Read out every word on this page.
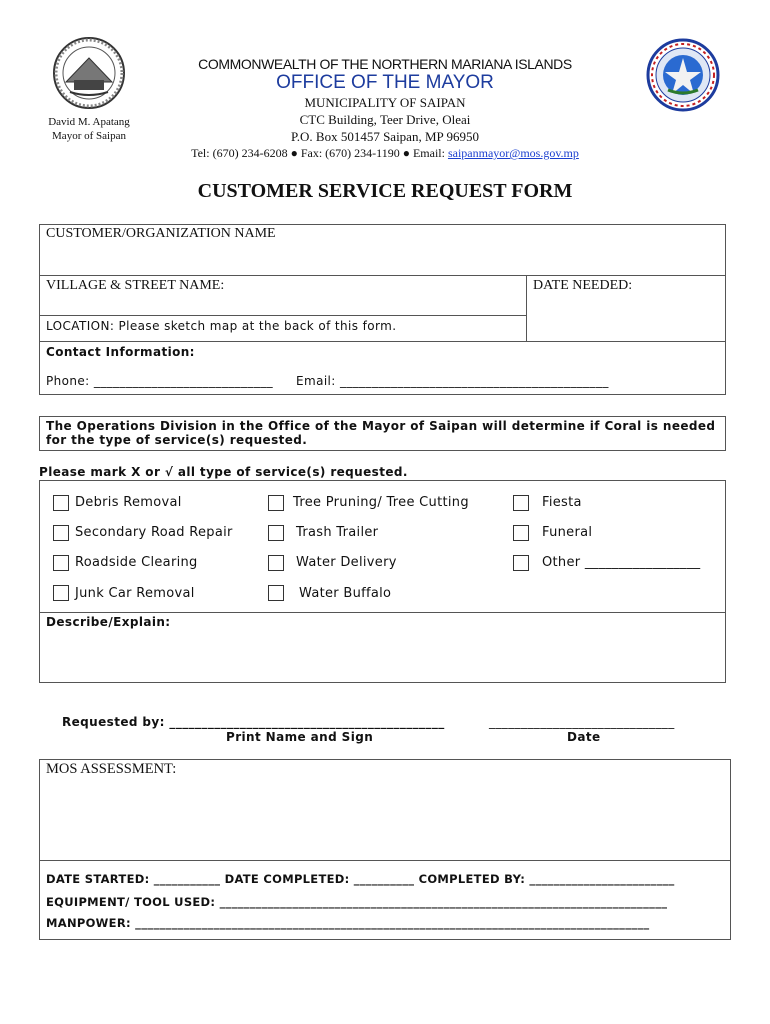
David M. Apatang
Mayor of Saipan
COMMONWEALTH OF THE NORTHERN MARIANA ISLANDS
OFFICE OF THE MAYOR
MUNICIPALITY OF SAIPAN
CTC Building, Teer Drive, Oleai
P.O. Box 501457 Saipan, MP 96950
Tel: (670) 234-6208 ● Fax: (670) 234-1190 ● Email: saipanmayor@mos.gov.mp
CUSTOMER SERVICE REQUEST FORM
CUSTOMER/ORGANIZATION NAME
VILLAGE & STREET NAME:	DATE NEEDED:
LOCATION: Please sketch map at the back of this form.
Contact Information:
Phone: ____________________________ Email: __________________________________________
The Operations Division in the Office of the Mayor of Saipan will determine if Coral is needed for the type of service(s) requested.
Please mark X or √ all type of service(s) requested.
Debris Removal
Secondary Road Repair
Roadside Clearing
Junk Car Removal
Tree Pruning/ Tree Cutting
Trash Trailer
Water Delivery
Water Buffalo
Fiesta
Funeral
Other _________________
Describe/Explain:
Requested by: ___________________________________________	_____________________________
Print Name and Sign	Date
MOS ASSESSMENT:
DATE STARTED: ___________ DATE COMPLETED: __________ COMPLETED BY: ________________________
EQUIPMENT/ TOOL USED: __________________________________________________________________________
MANPOWER: _____________________________________________________________________________________
